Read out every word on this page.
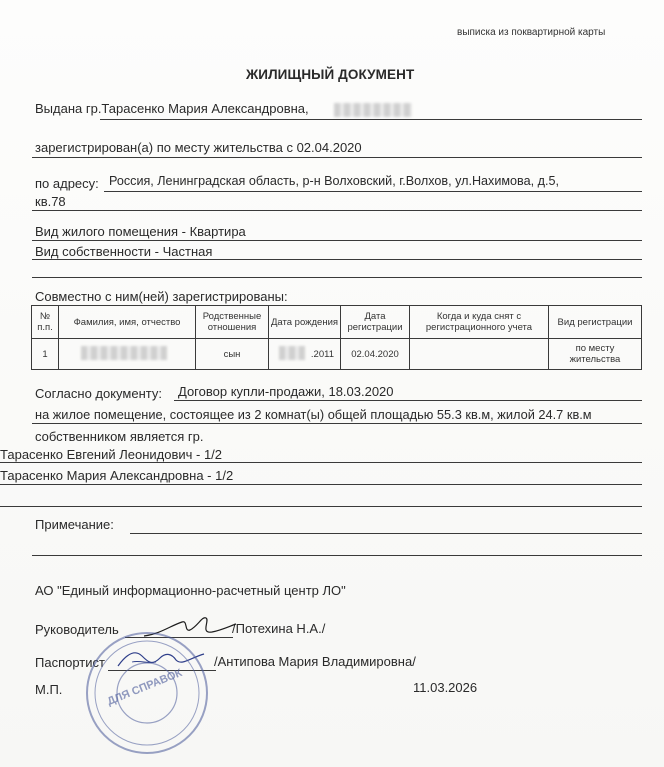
выписка из поквартирной карты
ЖИЛИЩНЫЙ ДОКУМЕНТ
Выдана гр.Тарасенко Мария Александровна,
зарегистрирован(а) по месту жительства с 02.04.2020
по адресу: Россия, Ленинградская область, р-н Волховский, г.Волхов, ул.Нахимова, д.5,
кв.78
Вид жилого помещения - Квартира
Вид собственности - Частная
Совместно с ним(ней) зарегистрированы:
№ п.п.	Фамилия, имя, отчество	Родственные отношения	Дата рождения	Дата регистрации	Когда и куда снят с регистрационного учета	Вид регистрации
1		сын	.2011	02.04.2020		по месту жительства
Согласно документу: Договор купли-продажи, 18.03.2020
на жилое помещение, состоящее из 2 комнат(ы) общей площадью 55.3 кв.м, жилой 24.7 кв.м
собственником является гр.
Тарасенко Евгений Леонидович - 1/2
Тарасенко Мария Александровна - 1/2
Примечание:
АО "Единый информационно-расчетный центр ЛО"
Руководитель	/Потехина Н.А./
Паспортист	/Антипова Мария Владимировна/
М.П.	11.03.2026
ДЛЯ СПРАВОК
